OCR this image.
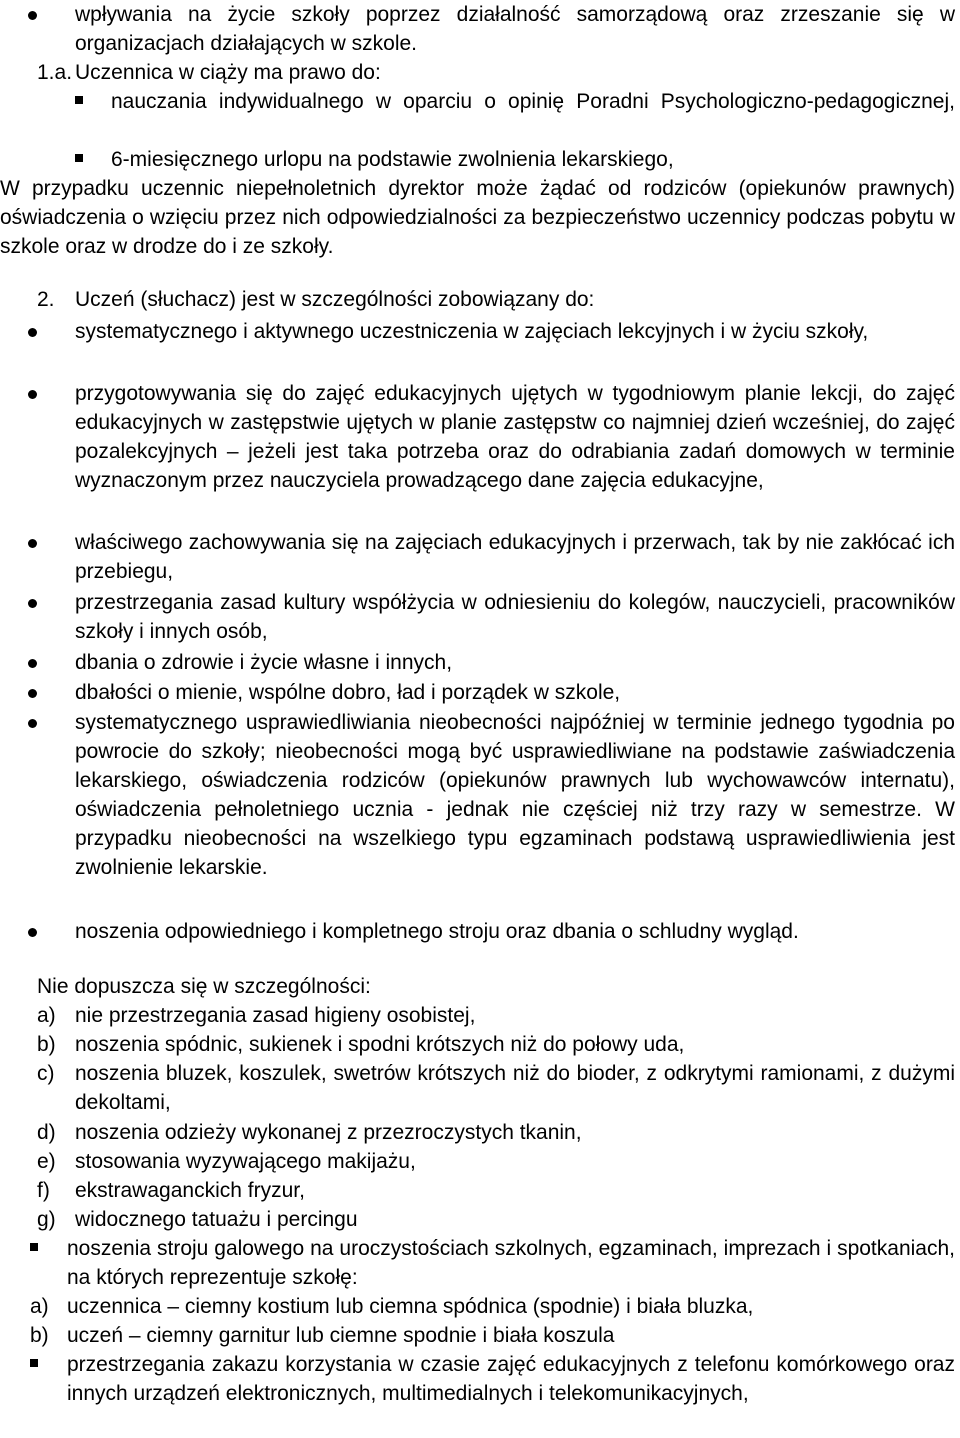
wpływania na życie szkoły poprzez działalność samorządową oraz zrzeszanie się w organizacjach działających w szkole.
1.a. Uczennica w ciąży ma prawo do:
nauczania indywidualnego w oparciu o opinię Poradni Psychologiczno-pedagogicznej,
6-miesięcznego urlopu na podstawie zwolnienia lekarskiego,
W przypadku uczennic niepełnoletnich dyrektor może żądać od rodziców (opiekunów prawnych) oświadczenia o wzięciu przez nich odpowiedzialności za bezpieczeństwo uczennicy podczas pobytu w szkole oraz w drodze do i ze szkoły.
2. Uczeń (słuchacz) jest w szczególności zobowiązany do:
systematycznego i aktywnego uczestniczenia w zajęciach lekcyjnych i w życiu szkoły,
przygotowywania się do zajęć edukacyjnych ujętych w tygodniowym planie lekcji, do zajęć edukacyjnych w zastępstwie ujętych w planie zastępstw co najmniej dzień wcześniej, do zajęć pozalekcyjnych – jeżeli jest taka potrzeba oraz do odrabiania zadań domowych w terminie wyznaczonym przez nauczyciela prowadzącego dane zajęcia edukacyjne,
właściwego zachowywania się na zajęciach edukacyjnych i przerwach, tak by nie zakłócać ich przebiegu,
przestrzegania zasad kultury współżycia w odniesieniu do kolegów, nauczycieli, pracowników szkoły i innych osób,
dbania o zdrowie i życie własne i innych,
dbałości o mienie, wspólne dobro, ład i porządek w szkole,
systematycznego usprawiedliwiania nieobecności najpóźniej w terminie jednego tygodnia po powrocie do szkoły; nieobecności mogą być usprawiedliwiane na podstawie zaświadczenia lekarskiego, oświadczenia rodziców (opiekunów prawnych lub wychowawców internatu), oświadczenia pełnoletniego ucznia - jednak nie częściej niż trzy razy w semestrze. W przypadku nieobecności na wszelkiego typu egzaminach podstawą usprawiedliwienia jest zwolnienie lekarskie.
noszenia odpowiedniego i kompletnego stroju oraz dbania o schludny wygląd.
Nie dopuszcza się w szczególności:
a) nie przestrzegania zasad higieny osobistej,
b) noszenia spódnic, sukienek i spodni krótszych niż do połowy uda,
c) noszenia bluzek, koszulek, swetrów krótszych niż do bioder, z odkrytymi ramionami, z dużymi dekoltami,
d) noszenia odzieży wykonanej z przezroczystych tkanin,
e) stosowania wyzywającego makijażu,
f) ekstrawaganckich fryzur,
g) widocznego tatuażu i percingu
noszenia stroju galowego na uroczystościach szkolnych, egzaminach, imprezach i spotkaniach, na których reprezentuje szkołę:
a) uczennica – ciemny kostium lub ciemna spódnica (spodnie) i biała bluzka,
b) uczeń – ciemny garnitur lub ciemne spodnie i biała koszula
przestrzegania zakazu korzystania w czasie zajęć edukacyjnych z telefonu komórkowego oraz innych urządzeń elektronicznych, multimedialnych i telekomunikacyjnych,
